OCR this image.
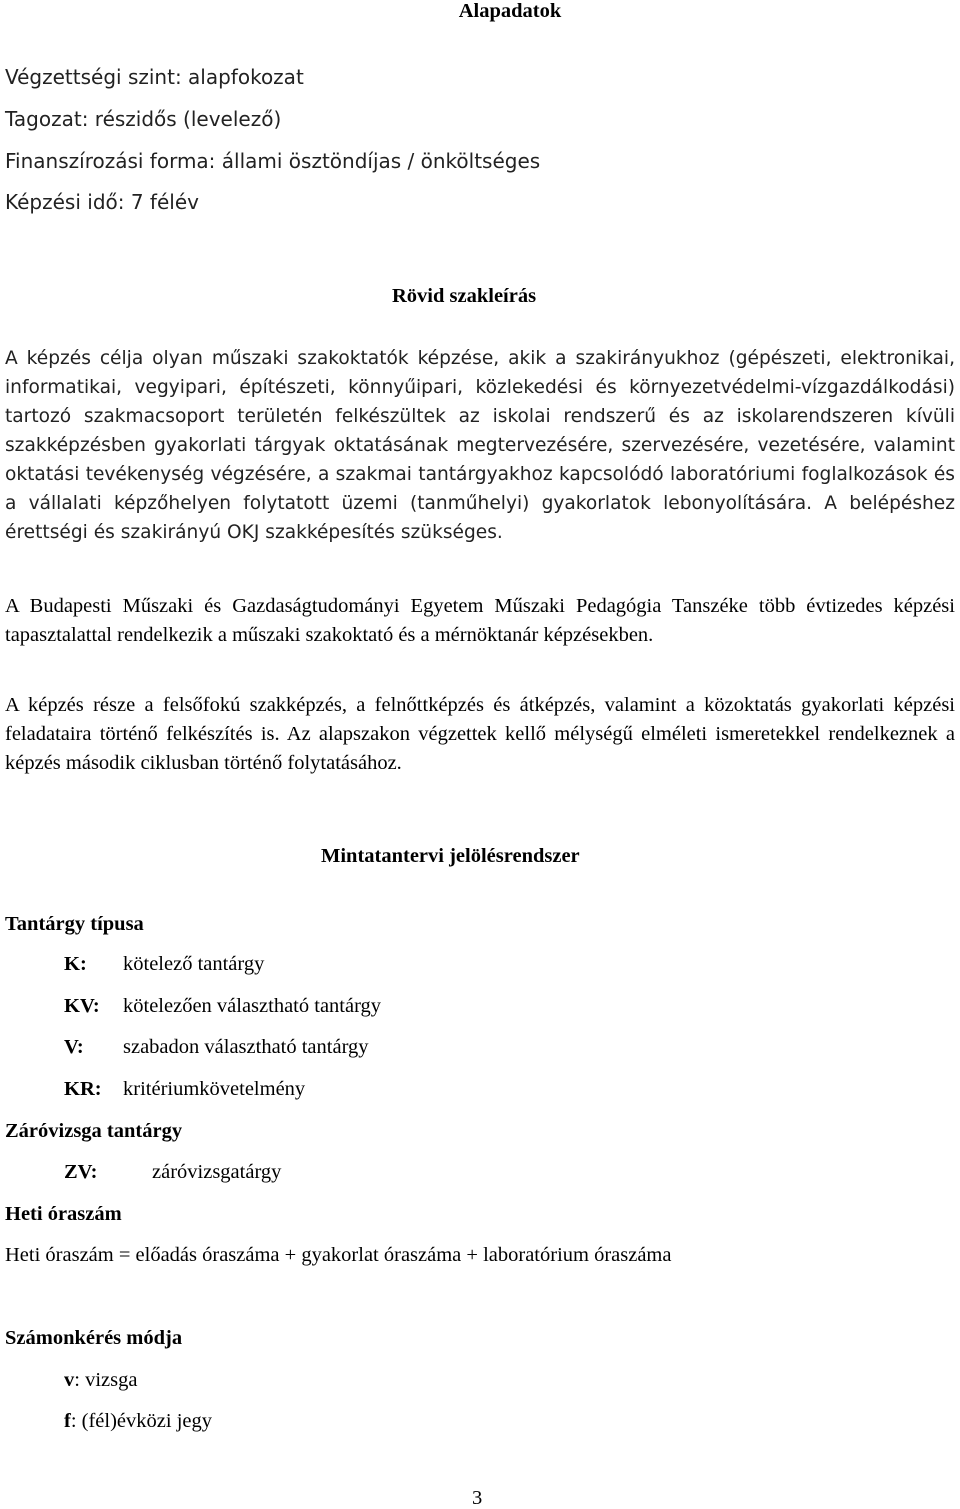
Alapadatok
Végzettségi szint: alapfokozat
Tagozat: részidős (levelező)
Finanszírozási forma: állami ösztöndíjas / önköltséges
Képzési idő: 7 félév
Rövid szakleírás
A képzés célja olyan műszaki szakoktatók képzése, akik a szakirányukhoz (gépészeti, elektronikai, informatikai, vegyipari, építészeti, könnyűipari, közlekedési és környezetvédelmi-vízgazdálkodási) tartozó szakmacsoport területén felkészültek az iskolai rendszerű és az iskolarendszeren kívüli szakképzésben gyakorlati tárgyak oktatásának megtervezésére, szervezésére, vezetésére, valamint oktatási tevékenység végzésére, a szakmai tantárgyakhoz kapcsolódó laboratóriumi foglalkozások és a vállalati képzőhelyen folytatott üzemi (tanműhelyi) gyakorlatok lebonyolítására. A belépéshez érettségi és szakirányú OKJ szakképesítés szükséges.
A Budapesti Műszaki és Gazdaságtudományi Egyetem Műszaki Pedagógia Tanszéke több évtizedes képzési tapasztalattal rendelkezik a műszaki szakoktató és a mérnöktanár képzésekben.
A képzés része a felsőfokú szakképzés, a felnőttképzés és átképzés, valamint a közoktatás gyakorlati képzési feladataira történő felkészítés is. Az alapszakon végzettek kellő mélységű elméleti ismeretekkel rendelkeznek a képzés második ciklusban történő folytatásához.
Mintatantervi jelölésrendszer
Tantárgy típusa
K: kötelező tantárgy
KV: kötelezően választható tantárgy
V: szabadon választható tantárgy
KR: kritériumkövetelmény
Záróvizsga tantárgy
ZV:	záróvizsgatárgy
Heti óraszám
Heti óraszám = előadás óraszáma + gyakorlat óraszáma + laboratórium óraszáma
Számonkérés módja
v: vizsga
f: (fél)évközi jegy
3
